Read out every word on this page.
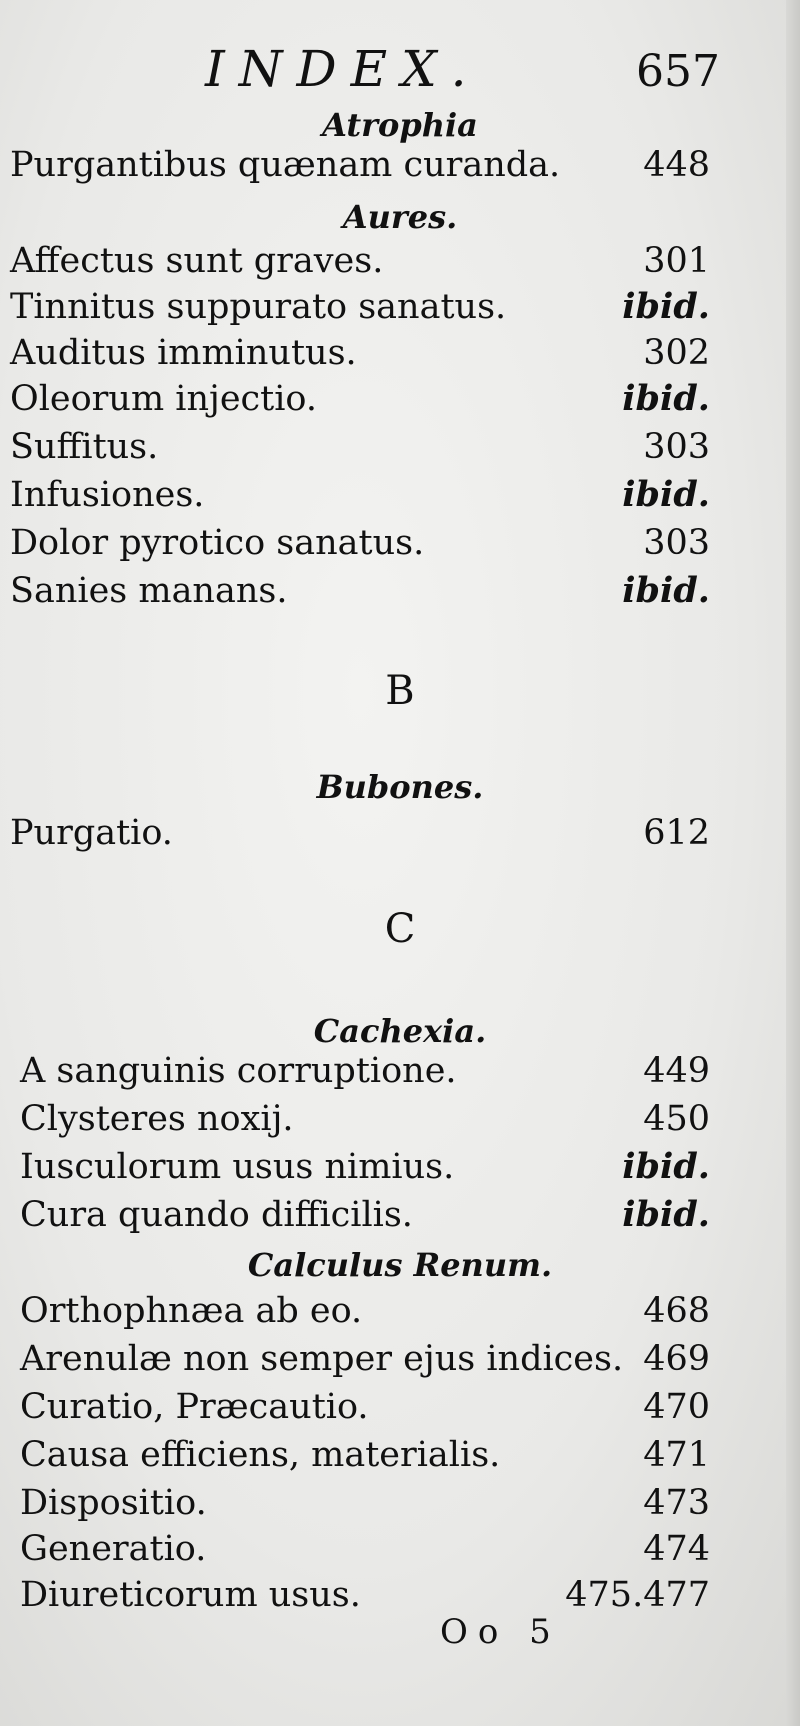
INDEX.	657
Atrophia
Purgantibus quænam curanda. 448
Aures.
Affectus sunt graves.	301
Tinnitus suppurato sanatus.	ibid.
Auditus imminutus.	302
Oleorum injectio.	ibid.
Suffitus.	303
Infusiones.	ibid.
Dolor pyrotico sanatus.	303
Sanies manans.	ibid.
B
Bubones.
Purgatio.	612
C
Cachexia.
A sanguinis corruptione.	449
Clysteres noxij.	450
Iusculorum usus nimius.	ibid.
Cura quando difficilis.	ibid.
Calculus Renum.
Orthophnæa ab eo.	468
Arenulæ non semper ejus indices. 469
Curatio, Præcautio.	470
Causa efficiens, materialis.	471
Dispositio.	473
Generatio.	474
Diureticorum usus.	475.477
Oo 5
